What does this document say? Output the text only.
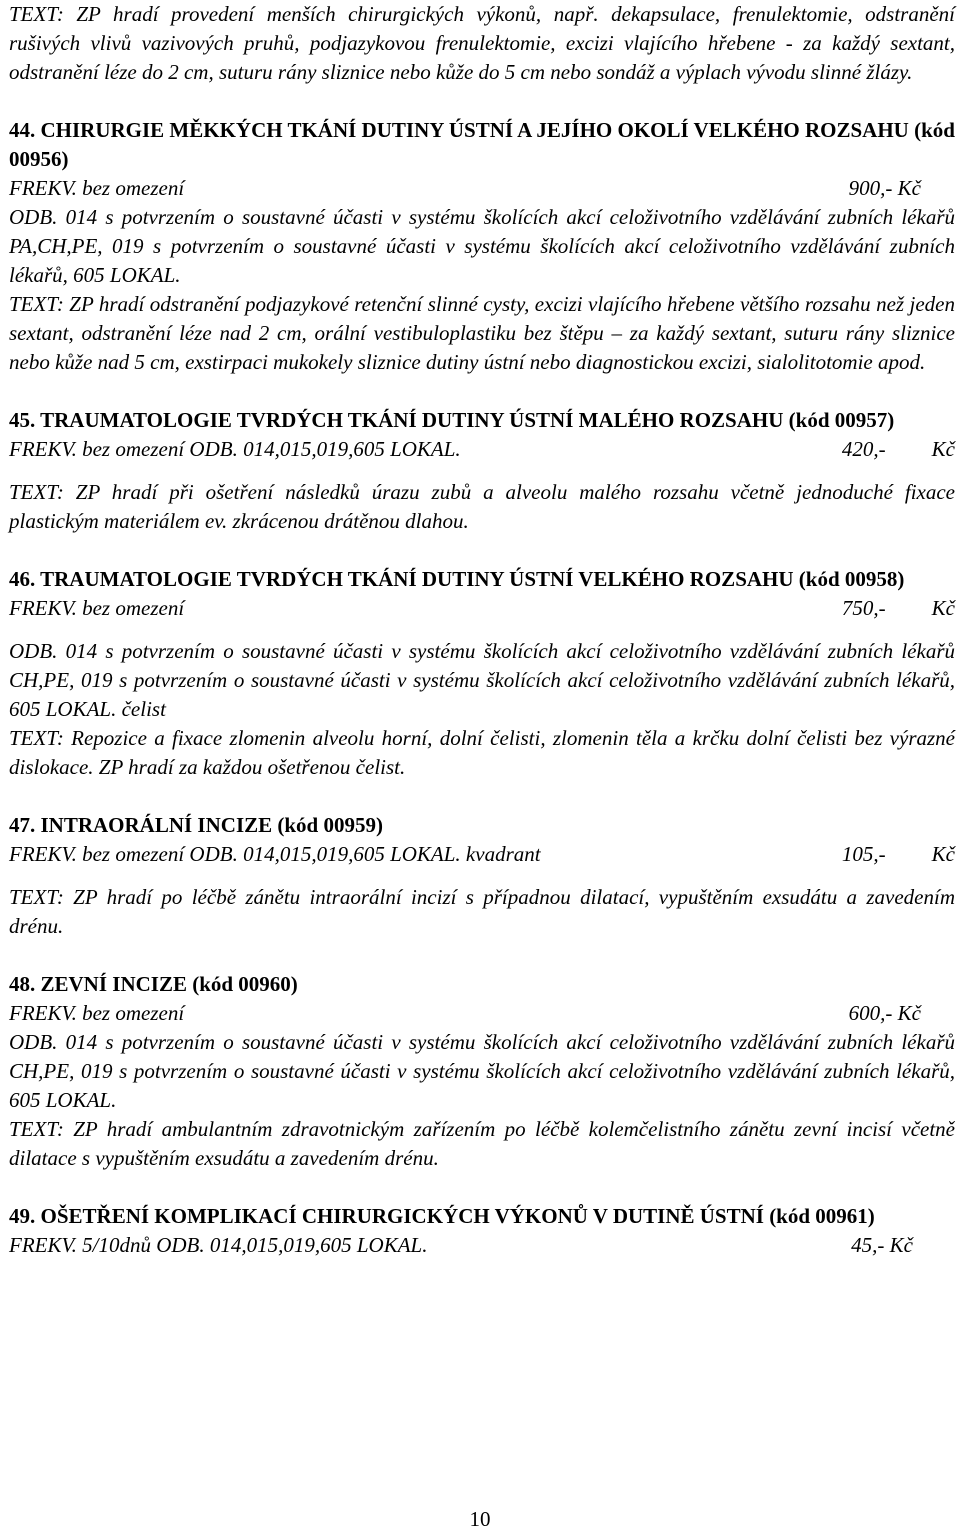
TEXT: ZP hradí provedení menších chirurgických výkonů, např. dekapsulace, frenulektomie, odstranění rušivých vlivů vazivových pruhů, podjazykovou frenulektomie, excizi vlajícího hřebene - za každý sextant, odstranění léze do 2 cm, suturu rány sliznice nebo kůže do 5 cm nebo sondáž a výplach vývodu slinné žlázy.

44. CHIRURGIE MĚKKÝCH TKÁNÍ DUTINY ÚSTNÍ A JEJÍHO OKOLÍ VELKÉHO ROZSAHU (kód 00956)

FREKV. bez omezení	900,- Kč

ODB. 014 s potvrzením o soustavné účasti v systému školících akcí celoživotního vzdělávání zubních lékařů PA,CH,PE, 019 s potvrzením o soustavné účasti v systému školících akcí celoživotního vzdělávání zubních lékařů, 605 LOKAL.

TEXT: ZP hradí odstranění podjazykové retenční slinné cysty, excizi vlajícího hřebene většího rozsahu než jeden sextant, odstranění léze nad 2 cm, orální vestibuloplastiku bez štěpu – za každý sextant, suturu rány sliznice nebo kůže nad 5 cm, exstirpaci mukokely sliznice dutiny ústní nebo diagnostickou excizi, sialolitotomie apod.

45. TRAUMATOLOGIE TVRDÝCH TKÁNÍ DUTINY ÚSTNÍ MALÉHO ROZSAHU (kód 00957)

FREKV. bez omezení ODB. 014,015,019,605 LOKAL.	420,- Kč

TEXT: ZP hradí při ošetření následků úrazu zubů a alveolu malého rozsahu včetně jednoduché fixace plastickým materiálem ev. zkrácenou drátěnou dlahou.

46. TRAUMATOLOGIE TVRDÝCH TKÁNÍ DUTINY ÚSTNÍ VELKÉHO ROZSAHU (kód 00958)

FREKV. bez omezení	750,- Kč

ODB. 014 s potvrzením o soustavné účasti v systému školících akcí celoživotního vzdělávání zubních lékařů CH,PE, 019 s potvrzením o soustavné účasti v systému školících akcí celoživotního vzdělávání zubních lékařů, 605 LOKAL. čelist

TEXT: Repozice a fixace zlomenin alveolu horní, dolní čelisti, zlomenin těla a krčku dolní čelisti bez výrazné dislokace. ZP hradí za každou ošetřenou čelist.

47. INTRAORÁLNÍ INCIZE (kód 00959)

FREKV. bez omezení ODB. 014,015,019,605 LOKAL. kvadrant	105,- Kč

TEXT: ZP hradí po léčbě zánětu intraorální incizí s případnou dilatací, vypuštěním exsudátu a zavedením drénu.

48. ZEVNÍ INCIZE (kód 00960)

FREKV. bez omezení	600,- Kč

ODB. 014 s potvrzením o soustavné účasti v systému školících akcí celoživotního vzdělávání zubních lékařů CH,PE, 019 s potvrzením o soustavné účasti v systému školících akcí celoživotního vzdělávání zubních lékařů, 605 LOKAL.

TEXT: ZP hradí ambulantním zdravotnickým zařízením po léčbě kolemčelistního zánětu zevní incisí včetně dilatace s vypuštěním exsudátu a zavedením drénu.

49. OŠETŘENÍ KOMPLIKACÍ CHIRURGICKÝCH VÝKONŮ V DUTINĚ ÚSTNÍ (kód 00961)

FREKV. 5/10dnů ODB. 014,015,019,605 LOKAL.	45,- Kč
10
